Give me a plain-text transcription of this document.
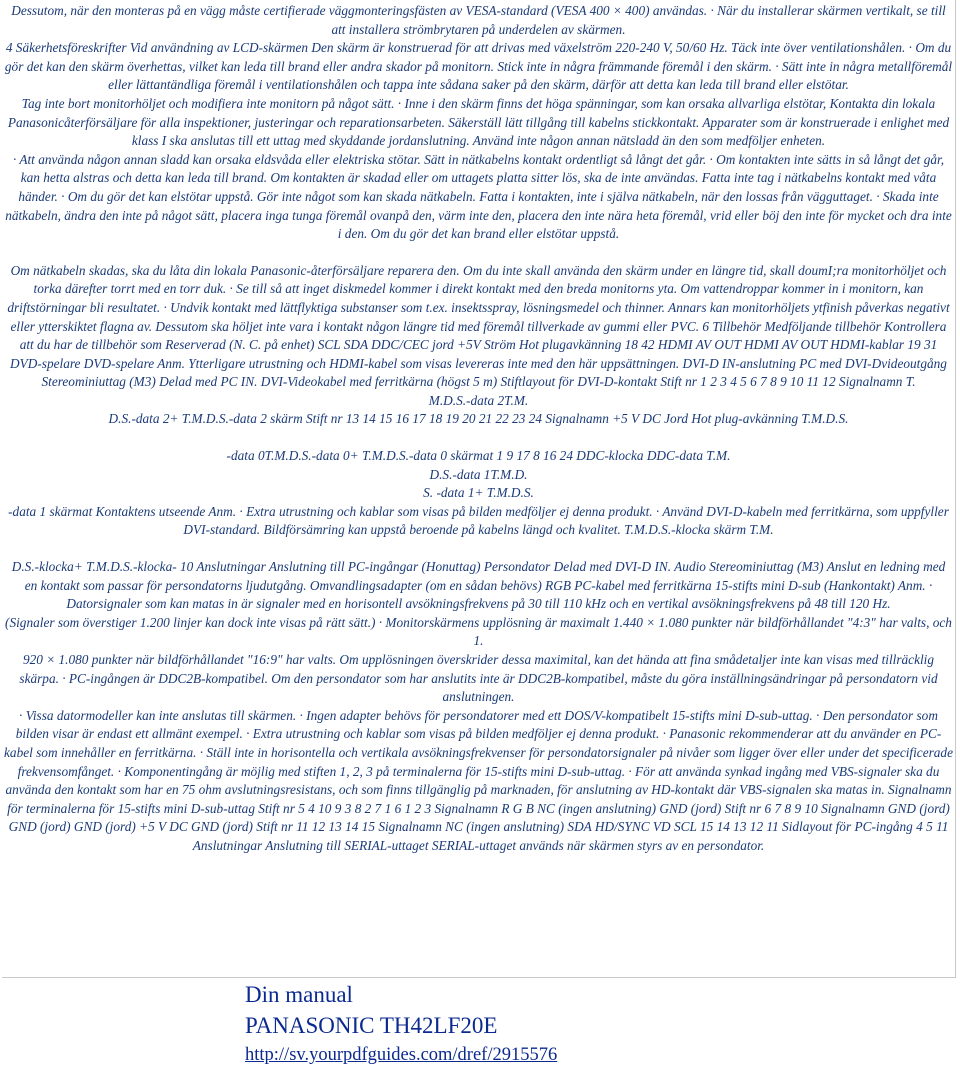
Dessutom, när den monteras på en vägg måste certifierade väggmonteringsfästen av VESA-standard (VESA 400 × 400) användas. · När du installerar skärmen vertikalt, se till att installera strömbrytaren på underdelen av skärmen.

4 Säkerhetsföreskrifter Vid användning av LCD-skärmen Den skärm är konstruerad för att drivas med växelström 220-240 V, 50/60 Hz. Täck inte över ventilationshålen. · Om du gör det kan den skärm överhettas, vilket kan leda till brand eller andra skador på monitorn. Stick inte in några främmande föremål i den skärm. · Sätt inte in några metallföremål eller lättantändliga föremål i ventilationshålen och tappa inte sådana saker på den skärm, därför att detta kan leda till brand eller elstötar.

Tag inte bort monitorhöljet och modifiera inte monitorn på något sätt. · Inne i den skärm finns det höga spänningar, som kan orsaka allvarliga elstötar, Kontakta din lokala Panasonicåterförsäljare för alla inspektioner, justeringar och reparationsarbeten. Säkerställ lätt tillgång till kabelns stickkontakt. Apparater som är konstruerade i enlighet med klass I ska anslutas till ett uttag med skyddande jordanslutning. Använd inte någon annan nätsladd än den som medföljer enheten.

· Att använda någon annan sladd kan orsaka eldsvåda eller elektriska stötar. Sätt in nätkabelns kontakt ordentligt så långt det går. · Om kontakten inte sätts in så långt det går, kan hetta alstras och detta kan leda till brand. Om kontakten är skadad eller om uttagets platta sitter lös, ska de inte användas. Fatta inte tag i nätkabelns kontakt med våta händer. · Om du gör det kan elstötar uppstå. Gör inte något som kan skada nätkabeln. Fatta i kontakten, inte i själva nätkabeln, när den lossas från vägguttaget. · Skada inte nätkabeln, ändra den inte på något sätt, placera inga tunga föremål ovanpå den, värm inte den, placera den inte nära heta föremål, vrid eller böj den inte för mycket och dra inte i den. Om du gör det kan brand eller elstötar uppstå.

Om nätkabeln skadas, ska du låta din lokala Panasonic-återförsäljare reparera den. Om du inte skall använda den skärm under en längre tid, skall doumI;ra monitorhöljet och torka därefter torrt med en torr duk. · Se till så att inget diskmedel kommer i direkt kontakt med den breda monitorns yta. Om vattendroppar kommer in i monitorn, kan driftstörningar bli resultatet. · Undvik kontakt med lättflyktiga substanser som t.ex. insektsspray, lösningsmedel och thinner. Annars kan monitorhöljets ytfinish påverkas negativt eller ytterskiktet flagna av. Dessutom ska höljet inte vara i kontakt någon längre tid med föremål tillverkade av gummi eller PVC. 6 Tillbehör Medföljande tillbehör Kontrollera att du har de tillbehör som Reserverad (N. C. på enhet) SCL SDA DDC/CEC jord +5V Ström Hot plugavkänning 18 42 HDMI AV OUT HDMI AV OUT HDMI-kablar 19 31 DVD-spelare DVD-spelare Anm. Ytterligare utrustning och HDMI-kabel som visas levereras inte med den här uppsättningen. DVI-D IN-anslutning PC med DVI-Dvideoutgång Stereominiuttag (M3) Delad med PC IN. DVI-Videokabel med ferritkärna (högst 5 m) Stiftlayout för DVI-D-kontakt Stift nr 1 2 3 4 5 6 7 8 9 10 11 12 Signalnamn T.

M.D.S.-data 2T.M.

D.S.-data 2+ T.M.D.S.-data 2 skärm Stift nr 13 14 15 16 17 18 19 20 21 22 23 24 Signalnamn +5 V DC Jord Hot plug-avkänning T.M.D.S.

-data 0T.M.D.S.-data 0+ T.M.D.S.-data 0 skärmat 1 9 17 8 16 24 DDC-klocka DDC-data T.M.

D.S.-data 1T.M.D.

S. -data 1+ T.M.D.S.

-data 1 skärmat Kontaktens utseende Anm. · Extra utrustning och kablar som visas på bilden medföljer ej denna produkt. · Använd DVI-D-kabeln med ferritkärna, som uppfyller DVI-standard. Bildförsämring kan uppstå beroende på kabelns längd och kvalitet. T.M.D.S.-klocka skärm T.M.

D.S.-klocka+ T.M.D.S.-klocka- 10 Anslutningar Anslutning till PC-ingångar (Honuttag) Persondator Delad med DVI-D IN. Audio Stereominiuttag (M3) Anslut en ledning med en kontakt som passar för persondatorns ljudutgång. Omvandlingsadapter (om en sådan behövs) RGB PC-kabel med ferritkärna 15-stifts mini D-sub (Hankontakt) Anm. · Datorsignaler som kan matas in är signaler med en horisontell avsökningsfrekvens på 30 till 110 kHz och en vertikal avsökningsfrekvens på 48 till 120 Hz.

(Signaler som överstiger 1.200 linjer kan dock inte visas på rätt sätt.) · Monitorskärmens upplösning är maximalt 1.440 × 1.080 punkter när bildförhållandet "4:3" har valts, och 1.

920 × 1.080 punkter när bildförhållandet "16:9" har valts. Om upplösningen överskrider dessa maximital, kan det hända att fina smådetaljer inte kan visas med tillräcklig skärpa. · PC-ingången är DDC2B-kompatibel. Om den persondator som har anslutits inte är DDC2B-kompatibel, måste du göra inställningsändringar på persondatorn vid anslutningen.

· Vissa datormodeller kan inte anslutas till skärmen. · Ingen adapter behövs för persondatorer med ett DOS/V-kompatibelt 15-stifts mini D-sub-uttag. · Den persondator som bilden visar är endast ett allmänt exempel. · Extra utrustning och kablar som visas på bilden medföljer ej denna produkt. · Panasonic rekommenderar att du använder en PC-kabel som innehåller en ferritkärna. · Ställ inte in horisontella och vertikala avsökningsfrekvenser för persondatorsignaler på nivåer som ligger över eller under det specificerade frekvensomfånget. · Komponentingång är möjlig med stiften 1, 2, 3 på terminalerna för 15-stifts mini D-sub-uttag. · För att använda synkad ingång med VBS-signaler ska du använda den kontakt som har en 75 ohm avslutningsresistans, och som finns tillgänglig på marknaden, för anslutning av HD-kontakt där VBS-signalen ska matas in. Signalnamn för terminalerna för 15-stifts mini D-sub-uttag Stift nr 5 4 10 9 3 8 2 7 1 6 1 2 3 Signalnamn R G B NC (ingen anslutning) GND (jord) Stift nr 6 7 8 9 10 Signalnamn GND (jord) GND (jord) GND (jord) +5 V DC GND (jord) Stift nr 11 12 13 14 15 Signalnamn NC (ingen anslutning) SDA HD/SYNC VD SCL 15 14 13 12 11 Sidlayout för PC-ingång 4 5 11 Anslutningar Anslutning till SERIAL-uttaget SERIAL-uttaget används när skärmen styrs av en persondator.

Din manual
PANASONIC TH42LF20E
http://sv.yourpdfguides.com/dref/2915576
